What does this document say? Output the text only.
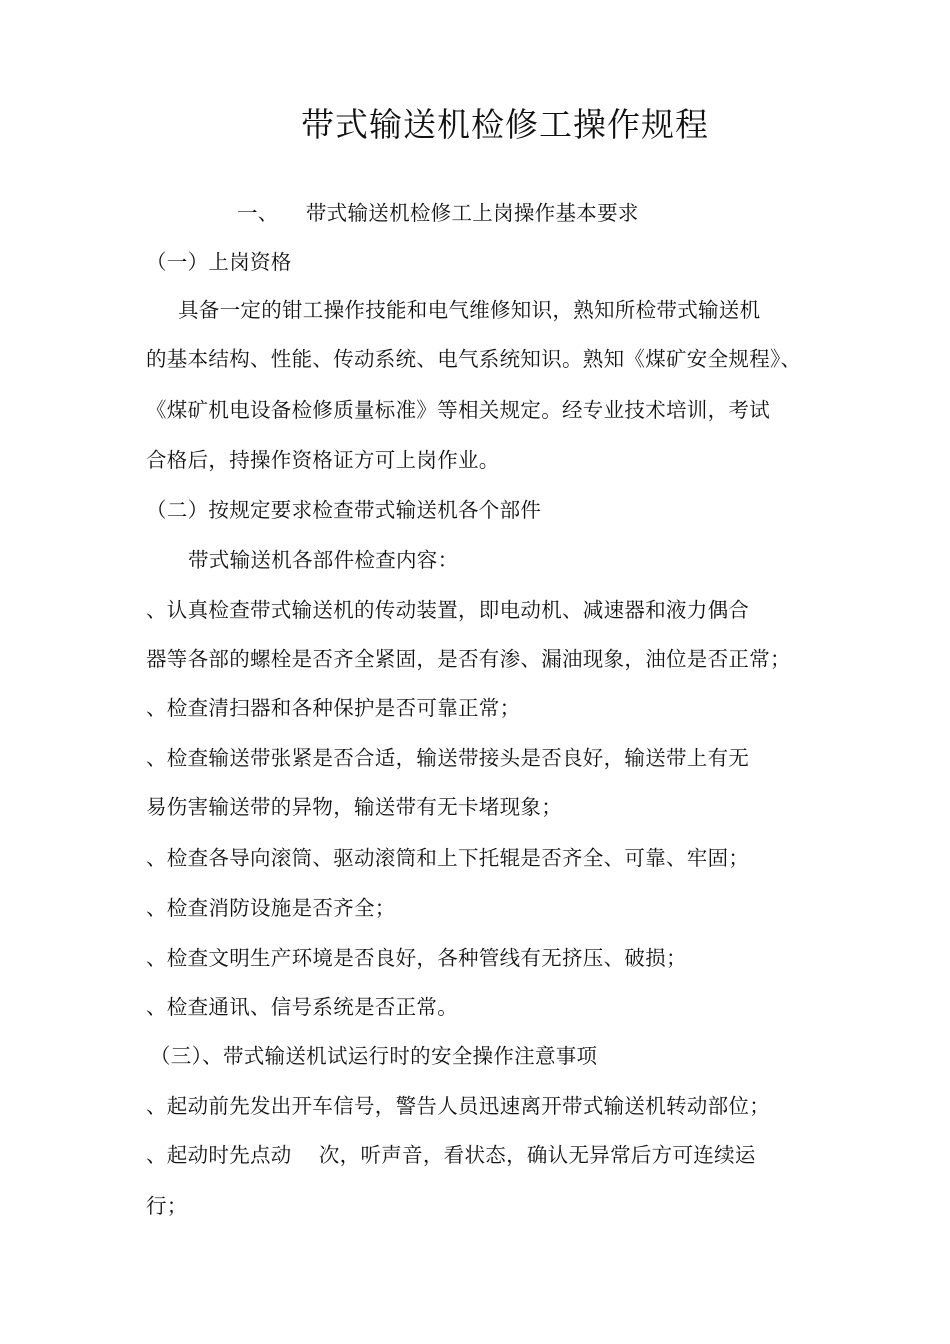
带式输送机检修工操作规程
一、    带式输送机检修工上岗操作基本要求
（一）上岗资格
具备一定的钳工操作技能和电气维修知识，熟知所检带式输送机
的基本结构、性能、传动系统、电气系统知识。熟知《煤矿安全规程》、
《煤矿机电设备检修质量标准》等相关规定。经专业技术培训，考试
合格后，持操作资格证方可上岗作业。
（二）按规定要求检查带式输送机各个部件
带式输送机各部件检查内容：
、认真检查带式输送机的传动装置，即电动机、减速器和液力偶合
器等各部的螺栓是否齐全紧固，是否有渗、漏油现象，油位是否正常；
、检查清扫器和各种保护是否可靠正常；
、检查输送带张紧是否合适，输送带接头是否良好，输送带上有无
易伤害输送带的异物，输送带有无卡堵现象；
、检查各导向滚筒、驱动滚筒和上下托辊是否齐全、可靠、牢固；
、检查消防设施是否齐全；
、检查文明生产环境是否良好，各种管线有无挤压、破损；
、检查通讯、信号系统是否正常。
（三）、带式输送机试运行时的安全操作注意事项
、起动前先发出开车信号，警告人员迅速离开带式输送机转动部位；
、起动时先点动    次，听声音，看状态，确认无异常后方可连续运
行；
